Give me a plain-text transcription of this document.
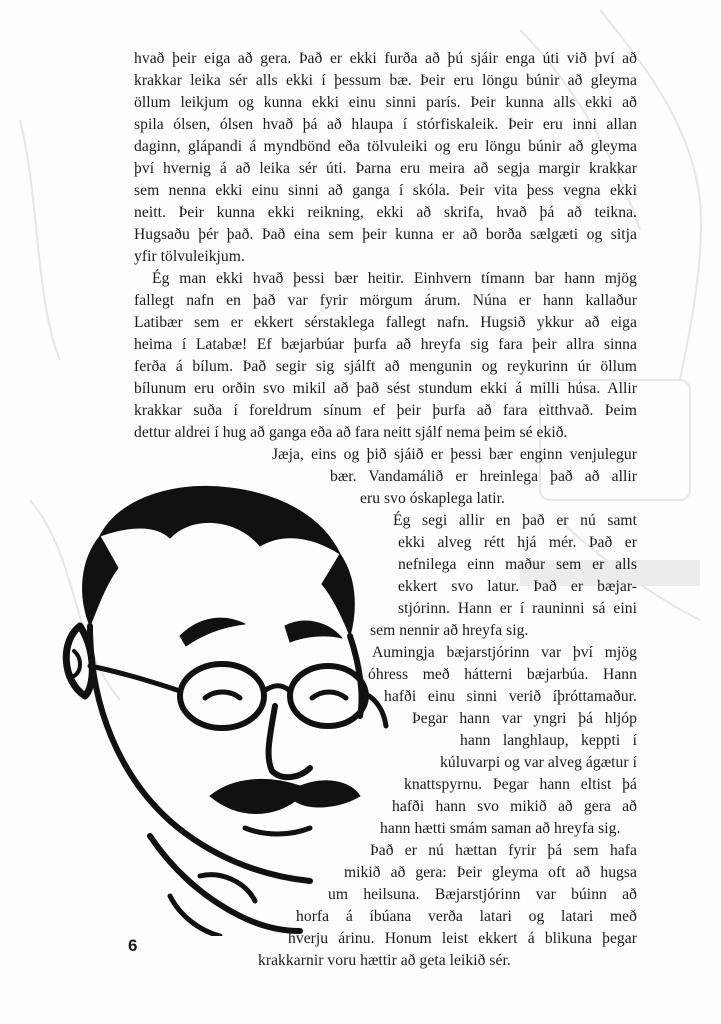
hvað þeir eiga að gera. Það er ekki furða að þú sjáir enga úti við því að
krakkar leika sér alls ekki í þessum bæ. Þeir eru löngu búnir að gleyma
öllum leikjum og kunna ekki einu sinni parís. Þeir kunna alls ekki að
spila ólsen, ólsen hvað þá að hlaupa í stórfiskaleik. Þeir eru inni allan
daginn, glápandi á myndbönd eða tölvuleiki og eru löngu búnir að gleyma
því hvernig á að leika sér úti. Þarna eru meira að segja margir krakkar
sem nenna ekki einu sinni að ganga í skóla. Þeir vita þess vegna ekki
neitt. Þeir kunna ekki reikning, ekki að skrifa, hvað þá að teikna.
Hugsaðu þér það. Það eina sem þeir kunna er að borða sælgæti og sitja
yfir tölvuleikjum.
Ég man ekki hvað þessi bær heitir. Einhvern tímann bar hann mjög
fallegt nafn en það var fyrir mörgum árum. Núna er hann kallaður
Latibær sem er ekkert sérstaklega fallegt nafn. Hugsið ykkur að eiga
heima í Latabæ! Ef bæjarbúar þurfa að hreyfa sig fara þeir allra sinna
ferða á bílum. Það segir sig sjálft að mengunin og reykurinn úr öllum
bílunum eru orðin svo mikil að það sést stundum ekki á milli húsa. Allir
krakkar suða í foreldrum sínum ef þeir þurfa að fara eitthvað. Þeim
dettur aldrei í hug að ganga eða að fara neitt sjálf nema þeim sé ekið.
Jæja, eins og þið sjáið er þessi bær enginn venjulegur
bær. Vandamálið er hreinlega það að allir
eru svo óskaplega latir.
Ég segi allir en það er nú samt
ekki alveg rétt hjá mér. Það er
nefnilega einn maður sem er alls
ekkert svo latur. Það er bæjar-
stjórinn. Hann er í rauninni sá eini
sem nennir að hreyfa sig.
Aumingja bæjarstjórinn var því mjög
óhress með hátterni bæjarbúa. Hann
hafði einu sinni verið íþróttamaður.
Þegar hann var yngri þá hljóp
hann langhlaup, keppti í
kúluvarpi og var alveg ágætur í
knattspyrnu. Þegar hann eltist þá
hafði hann svo mikið að gera að
hann hætti smám saman að hreyfa sig.
Það er nú hættan fyrir þá sem hafa
mikið að gera: Þeir gleyma oft að hugsa
um heilsuna. Bæjarstjórinn var búinn að
horfa á íbúana verða latari og latari með
hverju árinu. Honum leist ekkert á blikuna þegar
krakkarnir voru hættir að geta leikið sér.
6
